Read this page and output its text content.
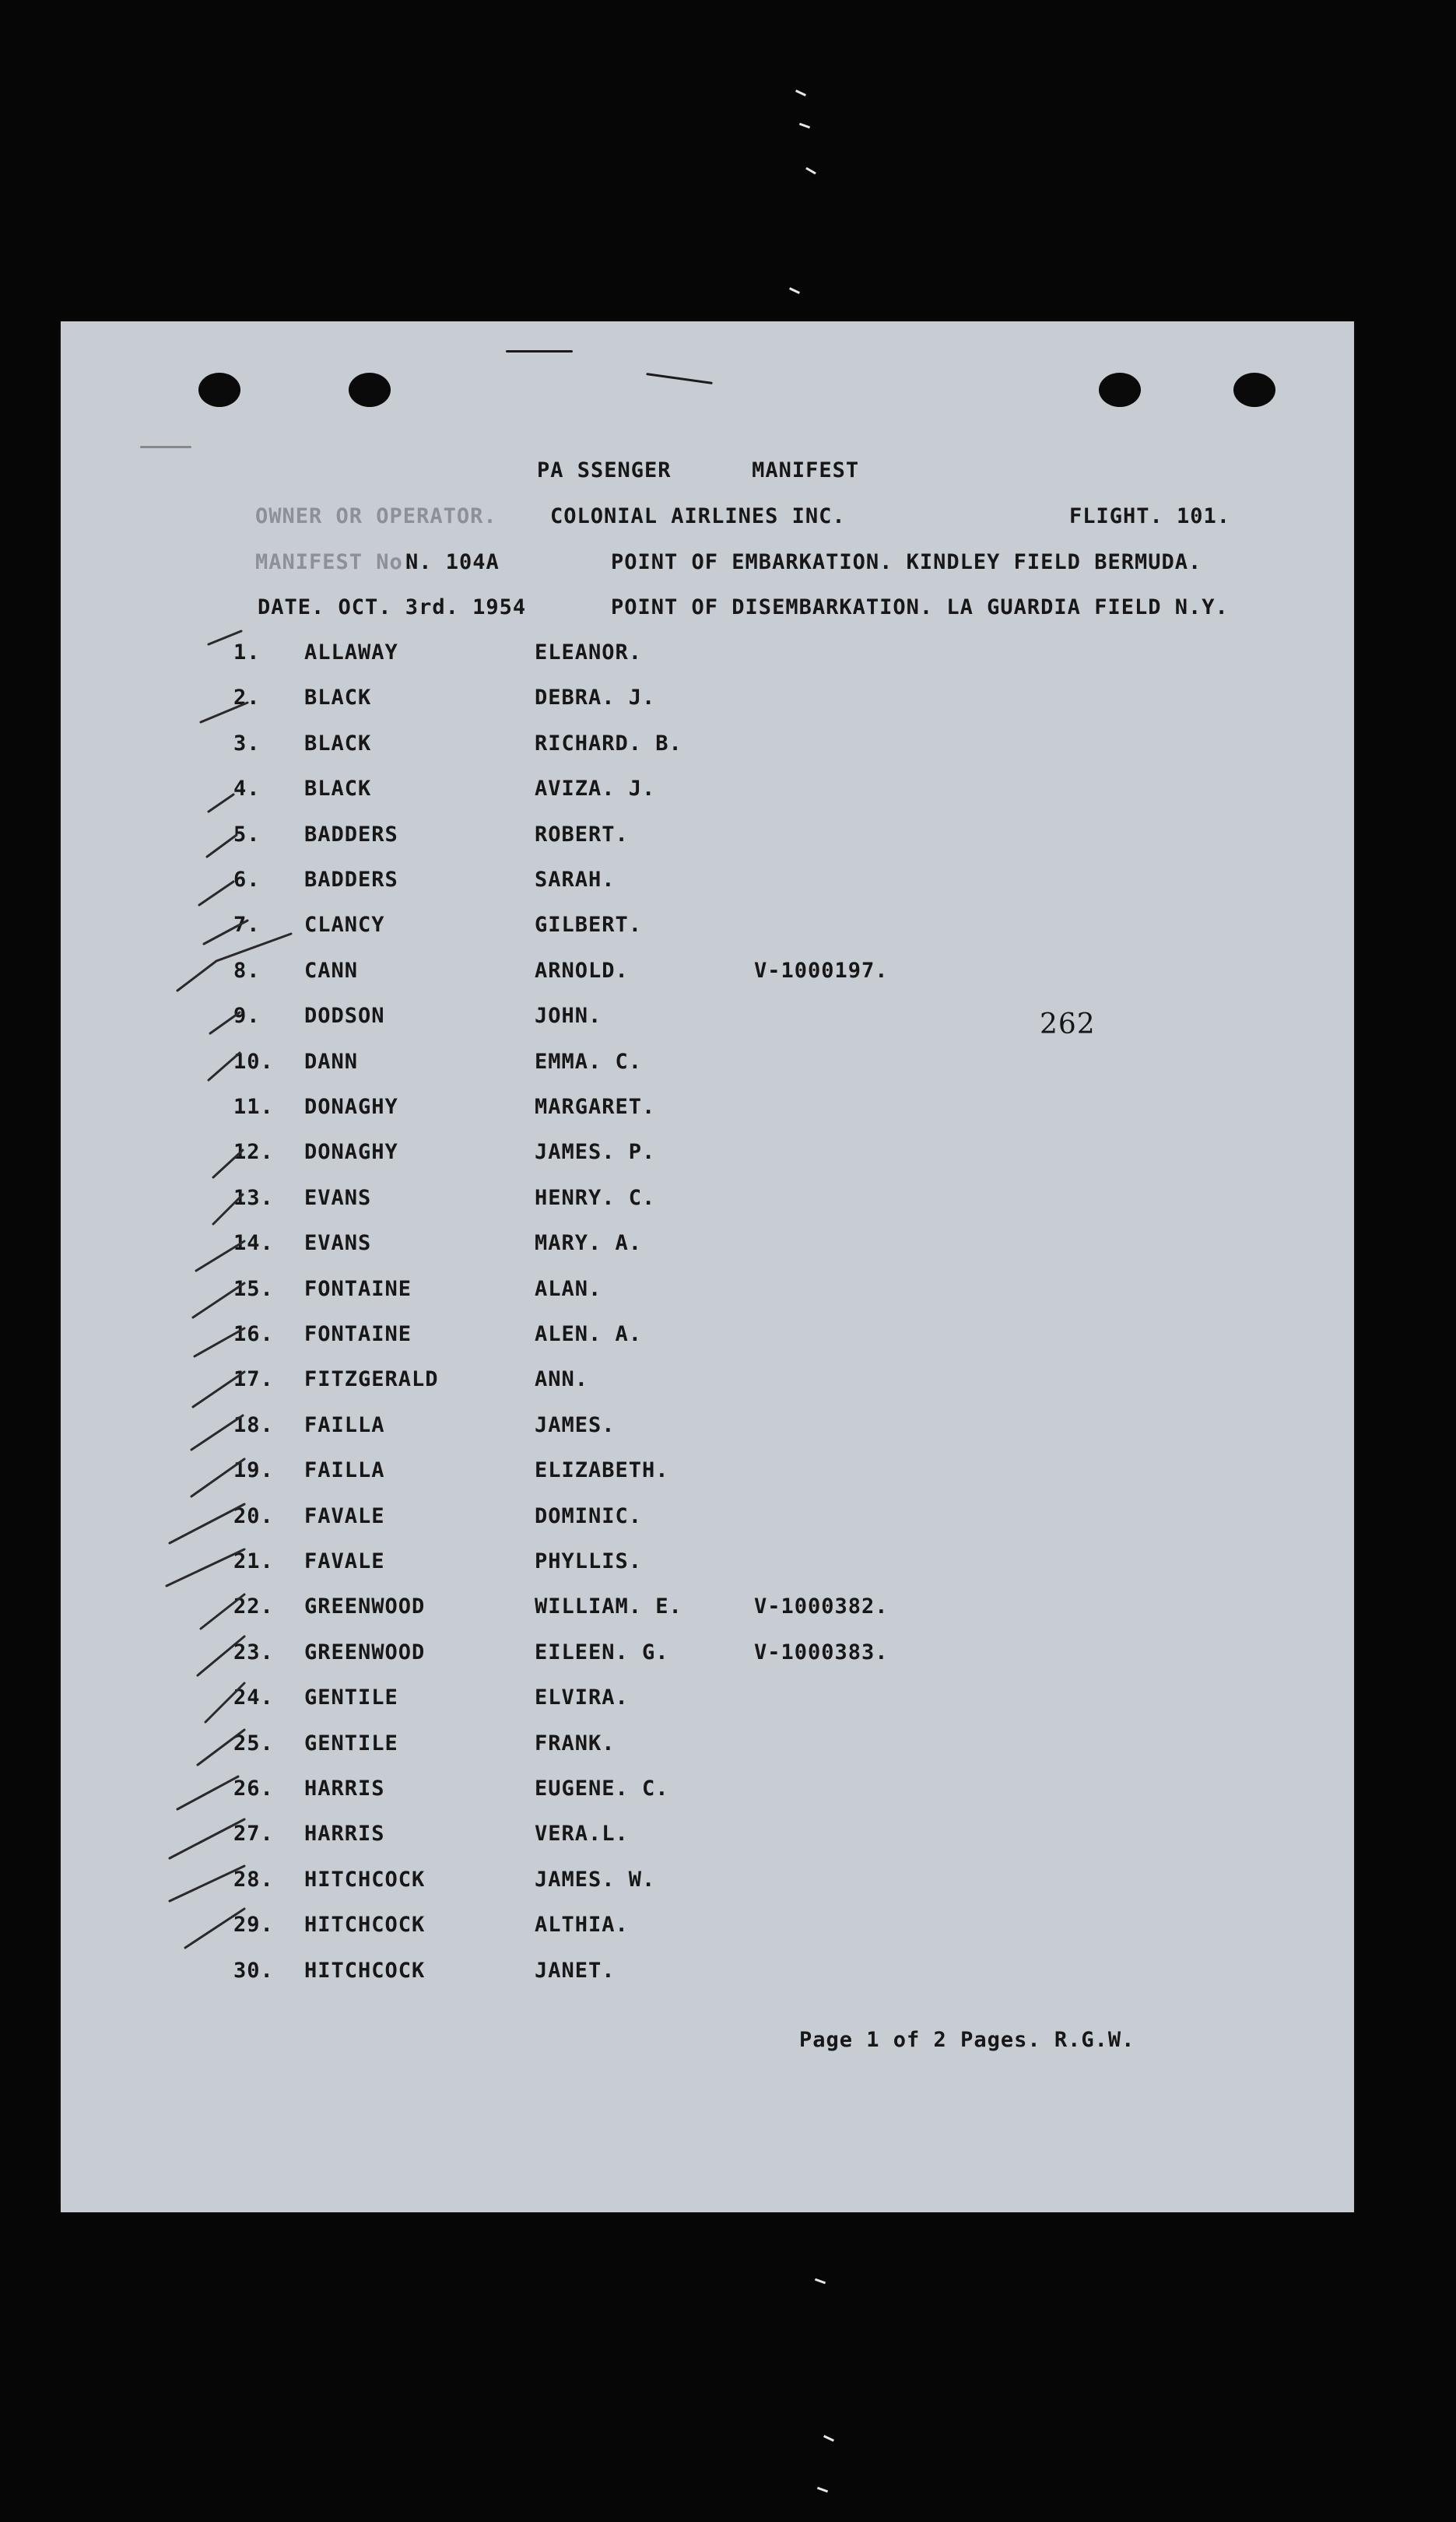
PA SSENGER      MANIFEST
OWNER OR OPERATOR.	COLONIAL AIRLINES INC.	FLIGHT. 101.
MANIFEST No.
N. 104A	POINT OF EMBARKATION. KINDLEY FIELD BERMUDA.
DATE. OCT. 3rd. 1954	POINT OF DISEMBARKATION. LA GUARDIA FIELD N.Y.
1. ALLAWAY	ELEANOR.
2. BLACK	DEBRA. J.
3. BLACK	RICHARD. B.
4. BLACK	AVIZA. J.
5. BADDERS	ROBERT.
6. BADDERS	SARAH.
7. CLANCY	GILBERT.
8. CANN	ARNOLD.	V-1000197.
9. DODSON	JOHN.
10. DANN	EMMA. C.
11. DONAGHY	MARGARET.
12. DONAGHY	JAMES. P.
13. EVANS	HENRY. C.
14. EVANS	MARY. A.
15. FONTAINE	ALAN.
16. FONTAINE	ALEN. A.
17. FITZGERALD	ANN.
18. FAILLA	JAMES.
19. FAILLA	ELIZABETH.
20. FAVALE	DOMINIC.
21. FAVALE	PHYLLIS.
22. GREENWOOD	WILLIAM. E.	V-1000382.
23. GREENWOOD	EILEEN. G.	V-1000383.
24. GENTILE	ELVIRA.
25. GENTILE	FRANK.
26. HARRIS	EUGENE. C.
27. HARRIS	VERA.L.
28. HITCHCOCK	JAMES. W.
29. HITCHCOCK	ALTHIA.
30. HITCHCOCK	JANET.
262
Page 1 of 2 Pages. R.G.W.
